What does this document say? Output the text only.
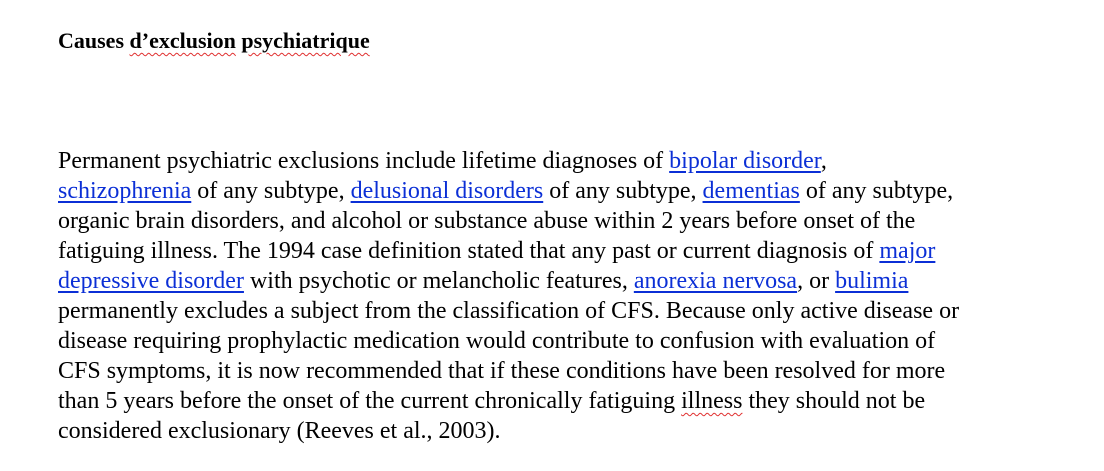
Causes d’exclusion psychiatrique

Permanent psychiatric exclusions include lifetime diagnoses of bipolar disorder,
schizophrenia of any subtype, delusional disorders of any subtype, dementias of any subtype,
organic brain disorders, and alcohol or substance abuse within 2 years before onset of the
fatiguing illness. The 1994 case definition stated that any past or current diagnosis of major
depressive disorder with psychotic or melancholic features, anorexia nervosa, or bulimia
permanently excludes a subject from the classification of CFS. Because only active disease or
disease requiring prophylactic medication would contribute to confusion with evaluation of
CFS symptoms, it is now recommended that if these conditions have been resolved for more
than 5 years before the onset of the current chronically fatiguing illness they should not be
considered exclusionary (Reeves et al., 2003).
